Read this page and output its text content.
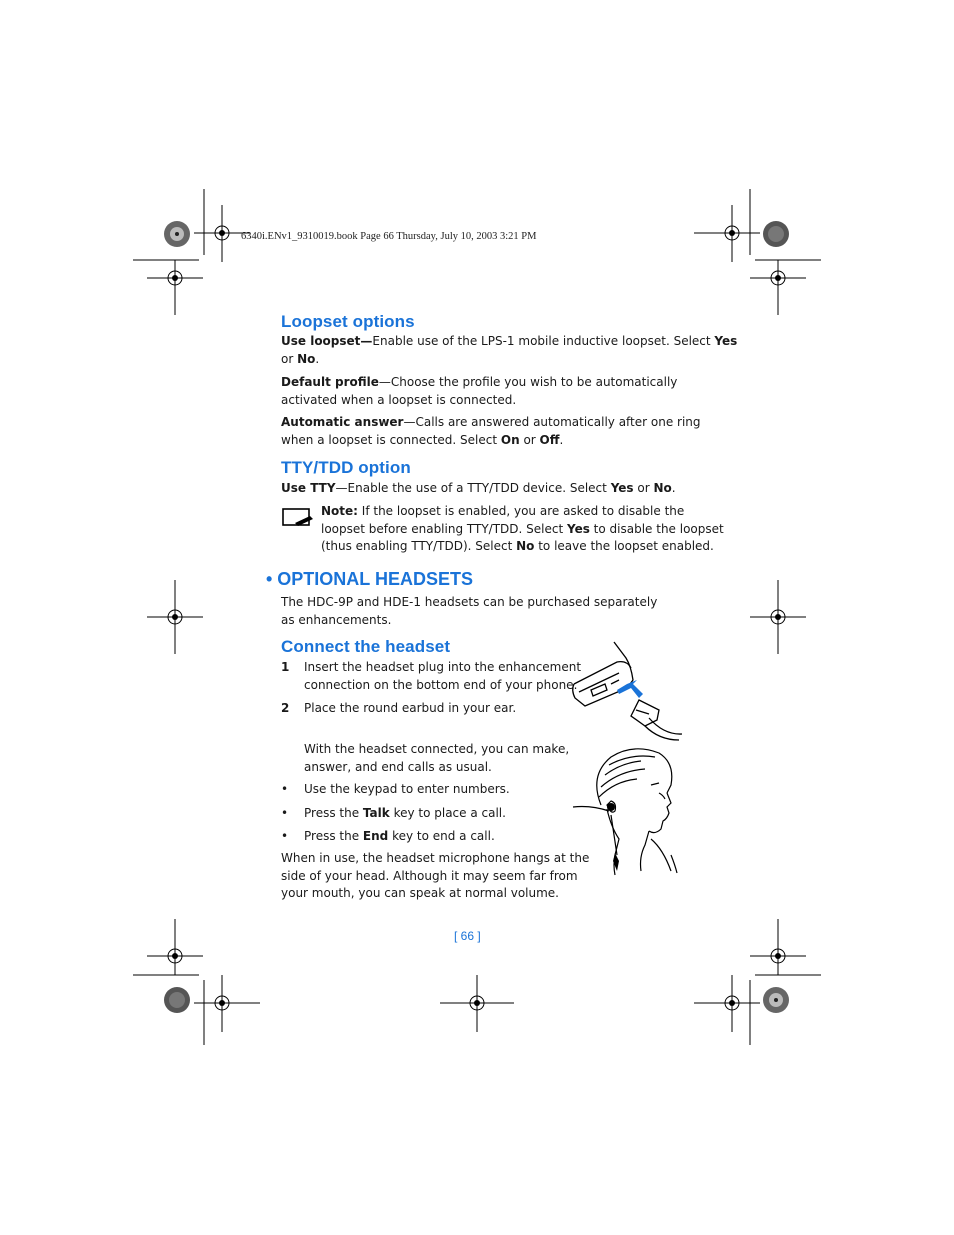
6340i.ENv1_9310019.book Page 66 Thursday, July 10, 2003 3:21 PM
Loopset options
Use loopset—Enable use of the LPS-1 mobile inductive loopset. Select Yes
or No.
Default profile—Choose the profile you wish to be automatically
activated when a loopset is connected.
Automatic answer—Calls are answered automatically after one ring
when a loopset is connected. Select On or Off.
TTY/TDD option
Use TTY—Enable the use of a TTY/TDD device. Select Yes or No.
Note: If the loopset is enabled, you are asked to disable the
loopset before enabling TTY/TDD. Select Yes to disable the loopset
(thus enabling TTY/TDD). Select No to leave the loopset enabled.
• OPTIONAL HEADSETS
The HDC-9P and HDE-1 headsets can be purchased separately
as enhancements.
Connect the headset
1 Insert the headset plug into the enhancement
connection on the bottom end of your phone.
2 Place the round earbud in your ear.
With the headset connected, you can make,
answer, and end calls as usual.
• Use the keypad to enter numbers.
• Press the Talk key to place a call.
• Press the End key to end a call.
When in use, the headset microphone hangs at the
side of your head. Although it may seem far from
your mouth, you can speak at normal volume.
[ 66 ]
